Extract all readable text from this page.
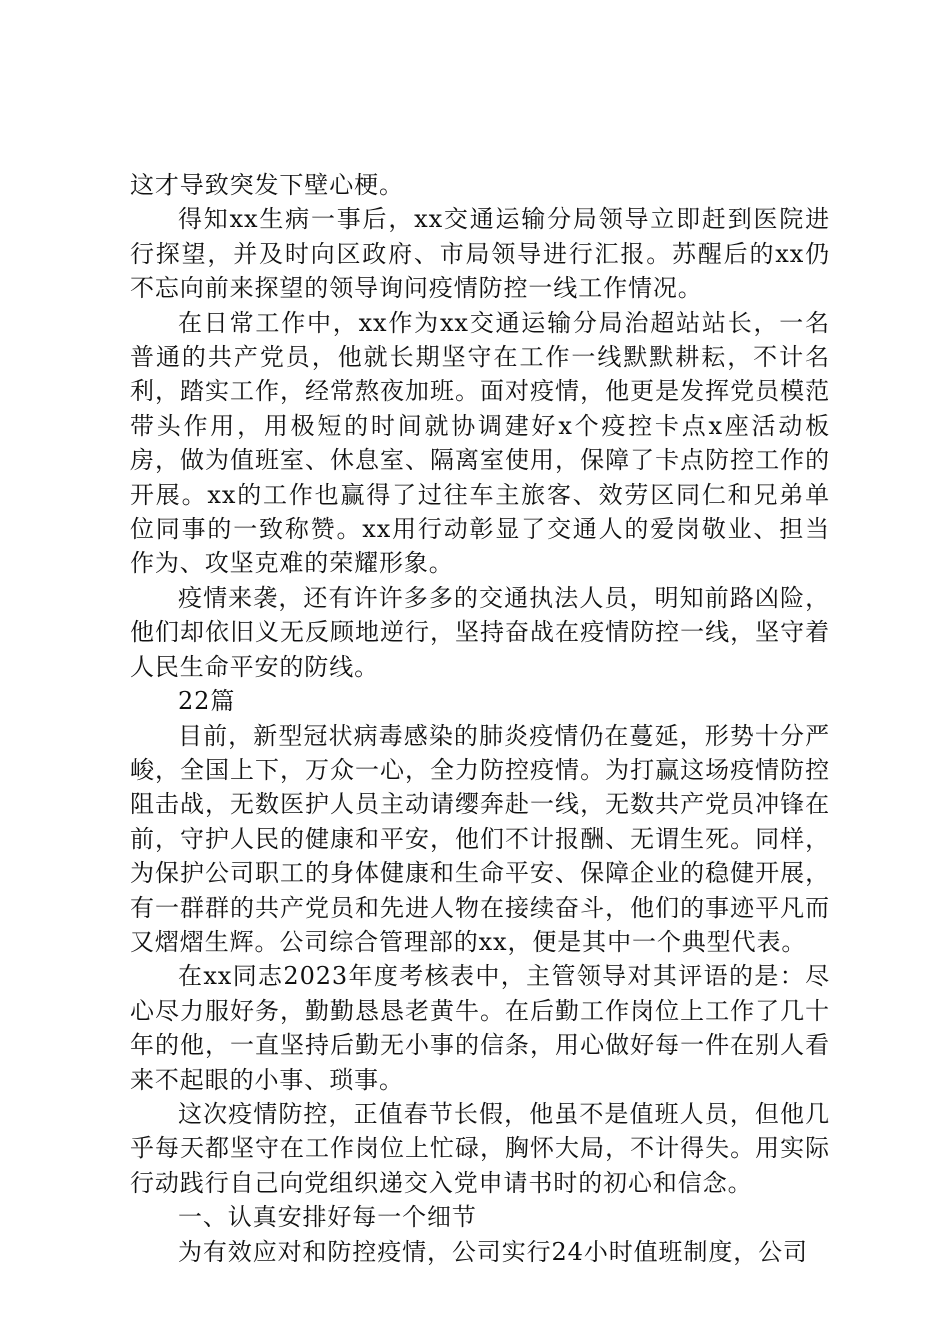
这才导致突发下壁心梗。

得知xx生病一事后，xx交通运输分局领导立即赶到医院进行探望，并及时向区政府、市局领导进行汇报。苏醒后的xx仍不忘向前来探望的领导询问疫情防控一线工作情况。

在日常工作中，xx作为xx交通运输分局治超站站长，一名普通的共产党员，他就长期坚守在工作一线默默耕耘，不计名利，踏实工作，经常熬夜加班。面对疫情，他更是发挥党员模范带头作用，用极短的时间就协调建好x个疫控卡点x座活动板房，做为值班室、休息室、隔离室使用，保障了卡点防控工作的开展。xx的工作也赢得了过往车主旅客、效劳区同仁和兄弟单位同事的一致称赞。xx用行动彰显了交通人的爱岗敬业、担当作为、攻坚克难的荣耀形象。

疫情来袭，还有许许多多的交通执法人员，明知前路凶险，他们却依旧义无反顾地逆行，坚持奋战在疫情防控一线，坚守着人民生命平安的防线。

22篇

目前，新型冠状病毒感染的肺炎疫情仍在蔓延，形势十分严峻，全国上下，万众一心，全力防控疫情。为打赢这场疫情防控阻击战，无数医护人员主动请缨奔赴一线，无数共产党员冲锋在前，守护人民的健康和平安，他们不计报酬、无谓生死。同样，为保护公司职工的身体健康和生命平安、保障企业的稳健开展，有一群群的共产党员和先进人物在接续奋斗，他们的事迹平凡而又熠熠生辉。公司综合管理部的xx，便是其中一个典型代表。

在xx同志2023年度考核表中，主管领导对其评语的是：尽心尽力服好务，勤勤恳恳老黄牛。在后勤工作岗位上工作了几十年的他，一直坚持后勤无小事的信条，用心做好每一件在别人看来不起眼的小事、琐事。

这次疫情防控，正值春节长假，他虽不是值班人员，但他几乎每天都坚守在工作岗位上忙碌，胸怀大局，不计得失。用实际行动践行自己向党组织递交入党申请书时的初心和信念。

一、认真安排好每一个细节

为有效应对和防控疫情，公司实行24小时值班制度，公司
